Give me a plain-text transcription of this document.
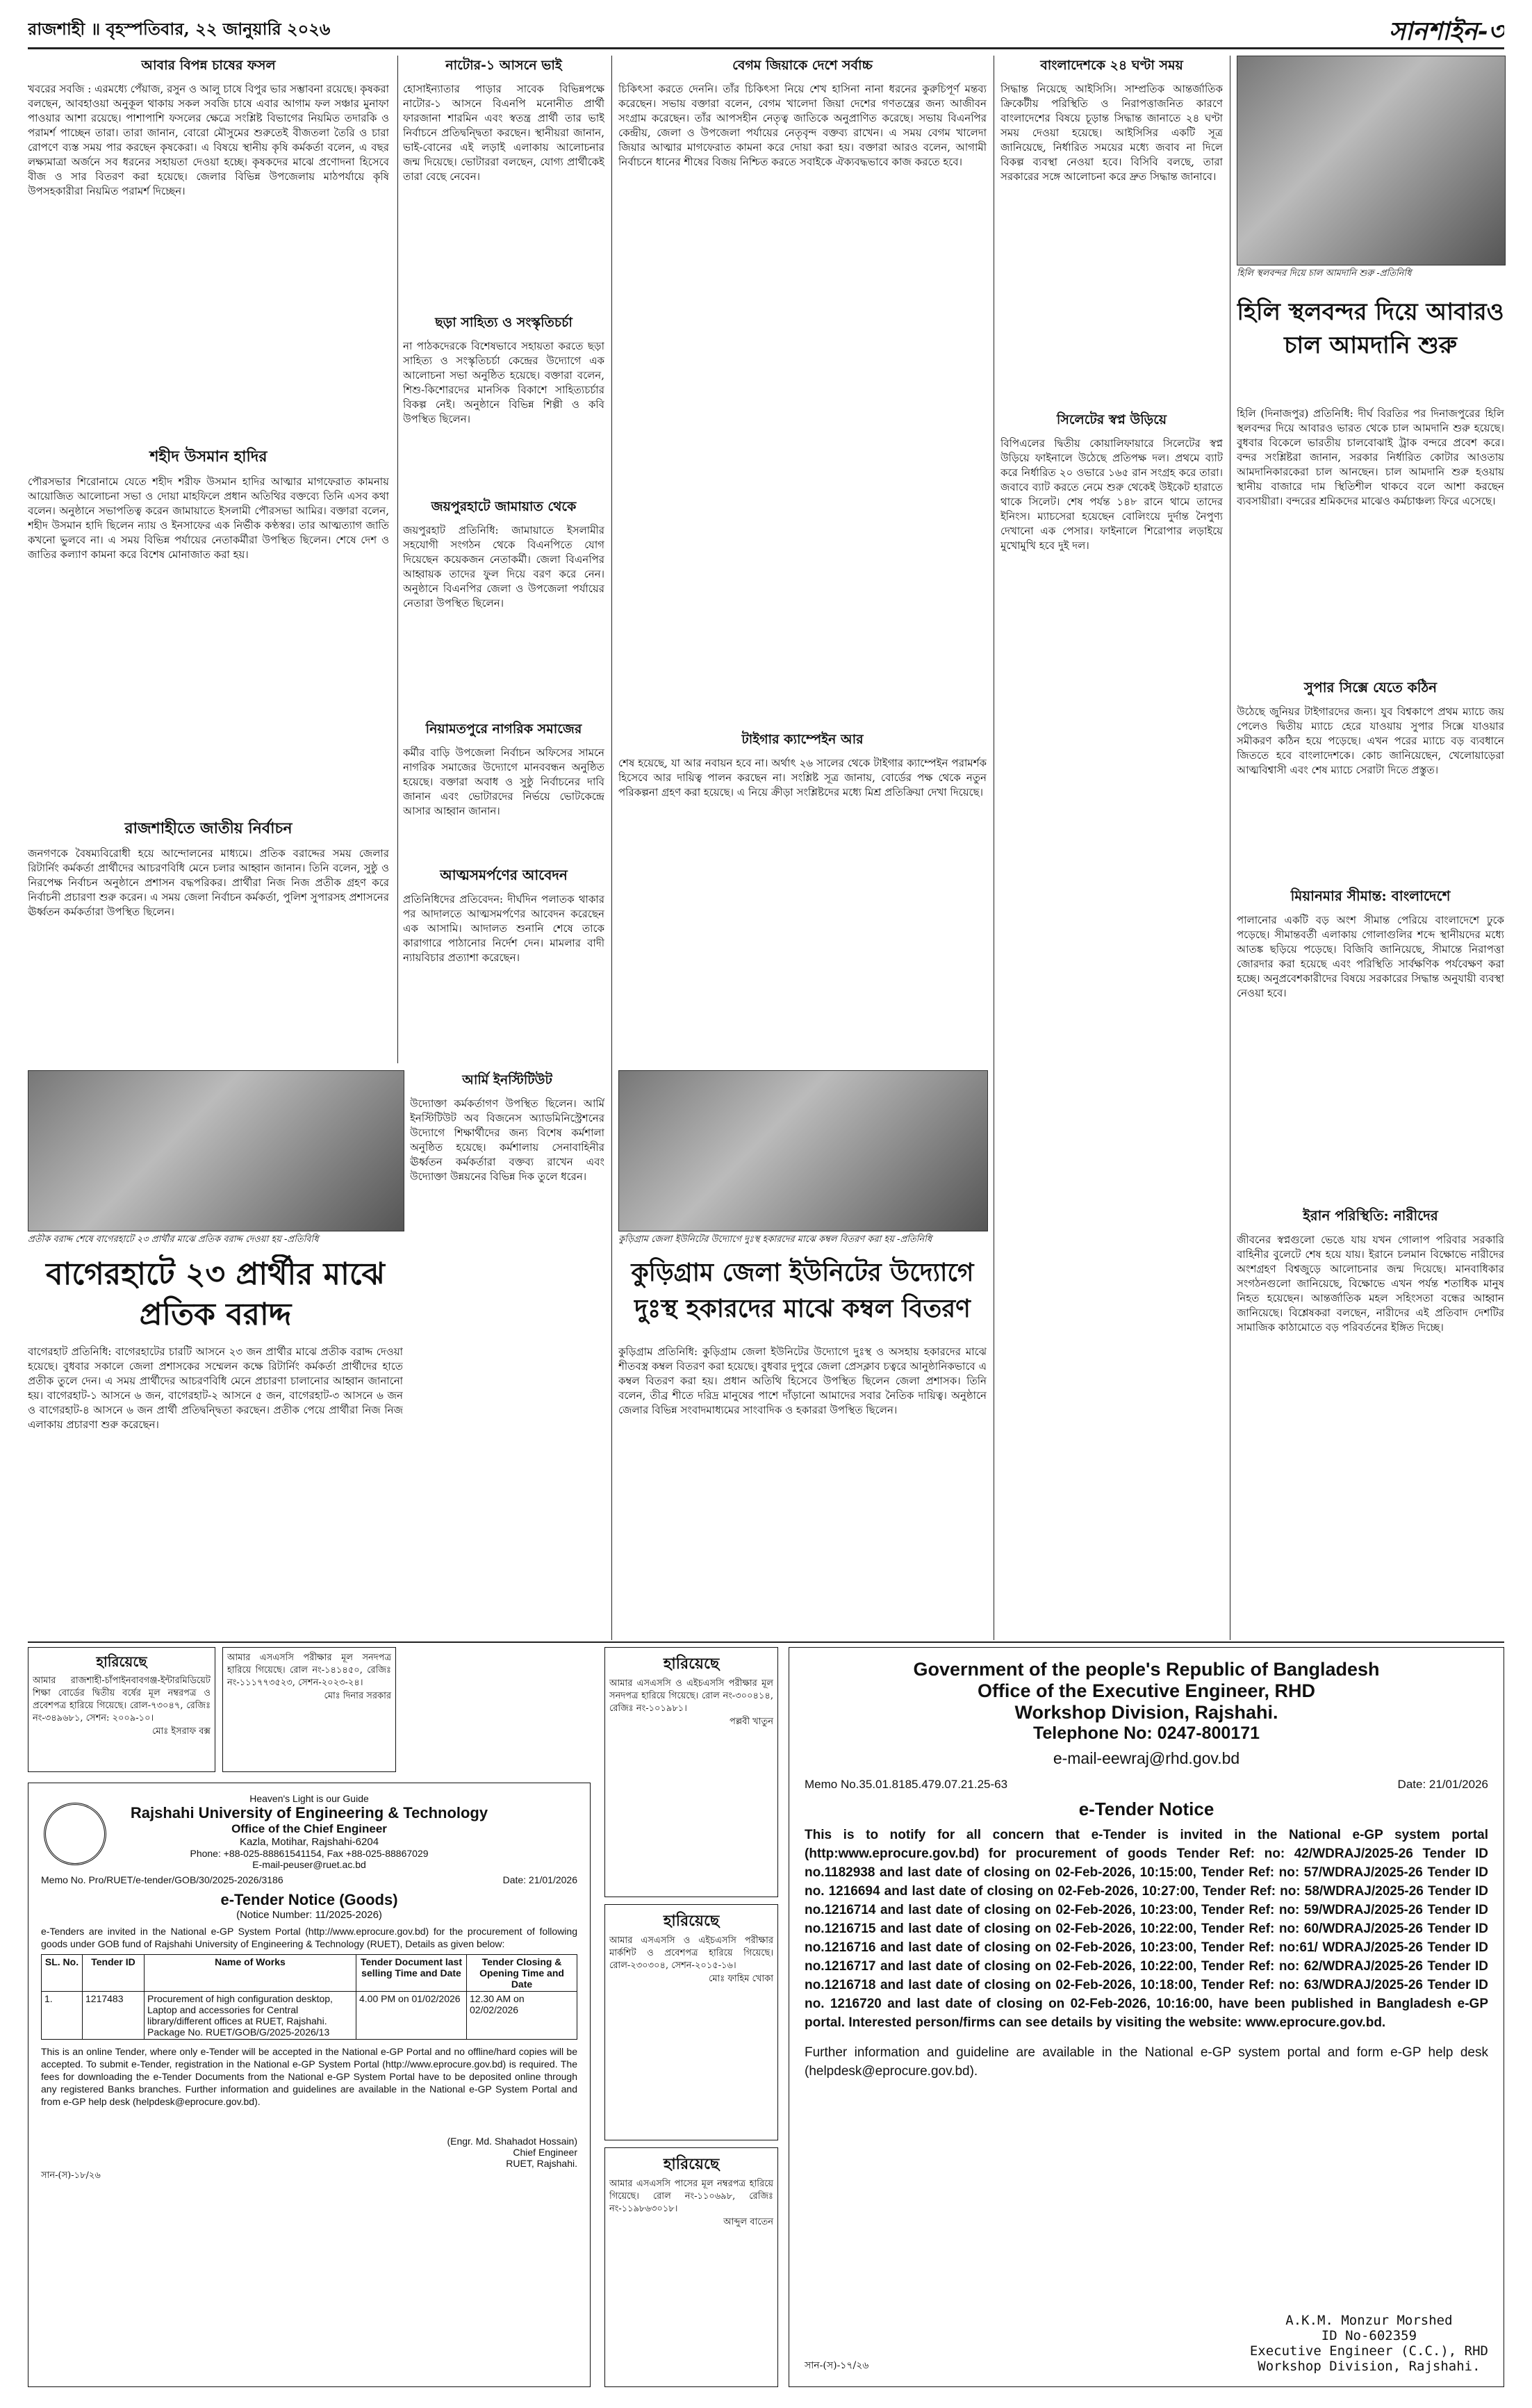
রাজশাহী ॥ বৃহস্পতিবার, ২২ জানুয়ারি ২০২৬	সানশাইন-৩
আবার বিপন্ন চাষের ফসল
খবরের সবজি : এরমধ্যে পেঁয়াজ, রসুন ও আলু চাষে বিপুর ভার সম্ভাবনা রয়েছে। কৃষকরা বলছেন, আবহাওয়া অনুকূল থাকায় সকল সবজি চাষে এবার আগাম ফল সঞ্চার মুনাফা পাওয়ার আশা রয়েছে। পাশাপাশি ফসলের ক্ষেত্রে সংশ্লিষ্ট বিভাগের নিয়মিত তদারকি ও পরামর্শ পাচ্ছেন তারা। তারা জানান, বোরো মৌসুমের শুরুতেই বীজতলা তৈরি ও চারা রোপণে ব্যস্ত সময় পার করছেন কৃষকেরা। এ বিষয়ে স্থানীয় কৃষি কর্মকর্তা বলেন, এ বছর লক্ষ্যমাত্রা অর্জনে সব ধরনের সহায়তা দেওয়া হচ্ছে। কৃষকদের মাঝে প্রণোদনা হিসেবে বীজ ও সার বিতরণ করা হয়েছে। জেলার বিভিন্ন উপজেলায় মাঠপর্যায়ে কৃষি উপসহকারীরা নিয়মিত পরামর্শ দিচ্ছেন।
শহীদ উসমান হাদির
পৌরসভার শিরোনামে যেতে শহীদ শরীফ উসমান হাদির আত্মার মাগফেরাত কামনায় আয়োজিত আলোচনা সভা ও দোয়া মাহফিলে প্রধান অতিথির বক্তব্যে তিনি এসব কথা বলেন। অনুষ্ঠানে সভাপতিত্ব করেন জামায়াতে ইসলামী পৌরসভা আমির। বক্তারা বলেন, শহীদ উসমান হাদি ছিলেন ন্যায় ও ইনসাফের এক নির্ভীক কণ্ঠস্বর। তার আত্মত্যাগ জাতি কখনো ভুলবে না। এ সময় বিভিন্ন পর্যায়ের নেতাকর্মীরা উপস্থিত ছিলেন। শেষে দেশ ও জাতির কল্যাণ কামনা করে বিশেষ মোনাজাত করা হয়।
রাজশাহীতে জাতীয় নির্বাচন
জনগণকে বৈষম্যবিরোধী হয়ে আন্দোলনের মাধ্যমে। প্রতিক বরাদ্দের সময় জেলার রিটার্নিং কর্মকর্তা প্রার্থীদের আচরণবিধি মেনে চলার আহ্বান জানান। তিনি বলেন, সুষ্ঠু ও নিরপেক্ষ নির্বাচন অনুষ্ঠানে প্রশাসন বদ্ধপরিকর। প্রার্থীরা নিজ নিজ প্রতীক গ্রহণ করে নির্বাচনী প্রচারণা শুরু করেন। এ সময় জেলা নির্বাচন কর্মকর্তা, পুলিশ সুপারসহ প্রশাসনের ঊর্ধ্বতন কর্মকর্তারা উপস্থিত ছিলেন।
নাটোর-১ আসনে ভাই
হোসাইন্যাতার পাড়ার সাবেক বিভিন্নপক্ষে নাটোর-১ আসনে বিএনপি মনোনীত প্রার্থী ফারজানা শারমিন এবং স্বতন্ত্র প্রার্থী তার ভাই নির্বাচনে প্রতিদ্বন্দ্বিতা করছেন। স্থানীয়রা জানান, ভাই-বোনের এই লড়াই এলাকায় আলোচনার জন্ম দিয়েছে। ভোটাররা বলছেন, যোগ্য প্রার্থীকেই তারা বেছে নেবেন।
ছড়া সাহিত্য ও সংস্কৃতিচর্চা
না পাঠকদেরকে বিশেষভাবে সহায়তা করতে ছড়া সাহিত্য ও সংস্কৃতিচর্চা কেন্দ্রের উদ্যোগে এক আলোচনা সভা অনুষ্ঠিত হয়েছে। বক্তারা বলেন, শিশু-কিশোরদের মানসিক বিকাশে সাহিত্যচর্চার বিকল্প নেই। অনুষ্ঠানে বিভিন্ন শিল্পী ও কবি উপস্থিত ছিলেন।
জয়পুরহাটে জামায়াত থেকে
জয়পুরহাট প্রতিনিধি: জামায়াতে ইসলামীর সহযোগী সংগঠন থেকে বিএনপিতে যোগ দিয়েছেন কয়েকজন নেতাকর্মী। জেলা বিএনপির আহ্বায়ক তাদের ফুল দিয়ে বরণ করে নেন। অনুষ্ঠানে বিএনপির জেলা ও উপজেলা পর্যায়ের নেতারা উপস্থিত ছিলেন।
নিয়ামতপুরে নাগরিক সমাজের
কর্মীর বাড়ি উপজেলা নির্বাচন অফিসের সামনে নাগরিক সমাজের উদ্যোগে মানববন্ধন অনুষ্ঠিত হয়েছে। বক্তারা অবাধ ও সুষ্ঠু নির্বাচনের দাবি জানান এবং ভোটারদের নির্ভয়ে ভোটকেন্দ্রে আসার আহ্বান জানান।
আত্মসমর্পণের আবেদন
প্রতিনিধিদের প্রতিবেদন: দীর্ঘদিন পলাতক থাকার পর আদালতে আত্মসমর্পণের আবেদন করেছেন এক আসামি। আদালত শুনানি শেষে তাকে কারাগারে পাঠানোর নির্দেশ দেন। মামলার বাদী ন্যায়বিচার প্রত্যাশা করেছেন।
প্রতীক বরাদ্দ শেষে বাগেরহাটে ২৩ প্রার্থীর মাঝে প্রতিক বরাদ্দ দেওয়া হয় -প্রতিবিধি
বাগেরহাটে ২৩ প্রার্থীর মাঝে প্রতিক বরাদ্দ
বাগেরহাট প্রতিনিধি: বাগেরহাটের চারটি আসনে ২৩ জন প্রার্থীর মাঝে প্রতীক বরাদ্দ দেওয়া হয়েছে। বুধবার সকালে জেলা প্রশাসকের সম্মেলন কক্ষে রিটার্নিং কর্মকর্তা প্রার্থীদের হাতে প্রতীক তুলে দেন। এ সময় প্রার্থীদের আচরণবিধি মেনে প্রচারণা চালানোর আহ্বান জানানো হয়। বাগেরহাট-১ আসনে ৬ জন, বাগেরহাট-২ আসনে ৫ জন, বাগেরহাট-৩ আসনে ৬ জন ও বাগেরহাট-৪ আসনে ৬ জন প্রার্থী প্রতিদ্বন্দ্বিতা করছেন। প্রতীক পেয়ে প্রার্থীরা নিজ নিজ এলাকায় প্রচারণা শুরু করেছেন।
আর্মি ইনস্টিটিউট
উদ্যোক্তা কর্মকর্তাগণ উপস্থিত ছিলেন। আর্মি ইনস্টিটিউট অব বিজনেস অ্যাডমিনিস্ট্রেশনের উদ্যোগে শিক্ষার্থীদের জন্য বিশেষ কর্মশালা অনুষ্ঠিত হয়েছে। কর্মশালায় সেনাবাহিনীর ঊর্ধ্বতন কর্মকর্তারা বক্তব্য রাখেন এবং উদ্যোক্তা উন্নয়নের বিভিন্ন দিক তুলে ধরেন।
বেগম জিয়াকে দেশে সর্বাচ্চ
চিকিৎসা করতে দেননি। তাঁর চিকিৎসা নিয়ে শেখ হাসিনা নানা ধরনের কুরুচিপূর্ণ মন্তব্য করেছেন। সভায় বক্তারা বলেন, বেগম খালেদা জিয়া দেশের গণতন্ত্রের জন্য আজীবন সংগ্রাম করেছেন। তাঁর আপসহীন নেতৃত্ব জাতিকে অনুপ্রাণিত করেছে। সভায় বিএনপির কেন্দ্রীয়, জেলা ও উপজেলা পর্যায়ের নেতৃবৃন্দ বক্তব্য রাখেন। এ সময় বেগম খালেদা জিয়ার আত্মার মাগফেরাত কামনা করে দোয়া করা হয়। বক্তারা আরও বলেন, আগামী নির্বাচনে ধানের শীষের বিজয় নিশ্চিত করতে সবাইকে ঐক্যবদ্ধভাবে কাজ করতে হবে।
টাইগার ক্যাম্পেইন আর
শেষ হয়েছে, যা আর নবায়ন হবে না। অর্থাৎ ২৬ সালের থেকে টাইগার ক্যাম্পেইন পরামর্শক হিসেবে আর দায়িত্ব পালন করছেন না। সংশ্লিষ্ট সূত্র জানায়, বোর্ডের পক্ষ থেকে নতুন পরিকল্পনা গ্রহণ করা হয়েছে। এ নিয়ে ক্রীড়া সংশ্লিষ্টদের মধ্যে মিশ্র প্রতিক্রিয়া দেখা দিয়েছে।
কুড়িগ্রাম জেলা ইউনিটের উদ্যোগে দুঃস্থ হকারদের মাঝে কম্বল বিতরণ করা হয় -প্রতিনিধি
কুড়িগ্রাম জেলা ইউনিটের উদ্যোগে দুঃস্থ হকারদের মাঝে কম্বল বিতরণ
কুড়িগ্রাম প্রতিনিধি: কুড়িগ্রাম জেলা ইউনিটের উদ্যোগে দুঃস্থ ও অসহায় হকারদের মাঝে শীতবস্ত্র কম্বল বিতরণ করা হয়েছে। বুধবার দুপুরে জেলা প্রেসক্লাব চত্বরে আনুষ্ঠানিকভাবে এ কম্বল বিতরণ করা হয়। প্রধান অতিথি হিসেবে উপস্থিত ছিলেন জেলা প্রশাসক। তিনি বলেন, তীব্র শীতে দরিদ্র মানুষের পাশে দাঁড়ানো আমাদের সবার নৈতিক দায়িত্ব। অনুষ্ঠানে জেলার বিভিন্ন সংবাদমাধ্যমের সাংবাদিক ও হকাররা উপস্থিত ছিলেন।
বাংলাদেশকে ২৪ ঘণ্টা সময়
সিদ্ধান্ত নিয়েছে আইসিসি। সাম্প্রতিক আন্তর্জাতিক ক্রিকেটীয় পরিস্থিতি ও নিরাপত্তাজনিত কারণে বাংলাদেশের বিষয়ে চূড়ান্ত সিদ্ধান্ত জানাতে ২৪ ঘণ্টা সময় দেওয়া হয়েছে। আইসিসির একটি সূত্র জানিয়েছে, নির্ধারিত সময়ের মধ্যে জবাব না দিলে বিকল্প ব্যবস্থা নেওয়া হবে। বিসিবি বলছে, তারা সরকারের সঙ্গে আলোচনা করে দ্রুত সিদ্ধান্ত জানাবে।
সিলেটের স্বপ্ন উড়িয়ে
বিপিএলের দ্বিতীয় কোয়ালিফায়ারে সিলেটের স্বপ্ন উড়িয়ে ফাইনালে উঠেছে প্রতিপক্ষ দল। প্রথমে ব্যাট করে নির্ধারিত ২০ ওভারে ১৬৫ রান সংগ্রহ করে তারা। জবাবে ব্যাট করতে নেমে শুরু থেকেই উইকেট হারাতে থাকে সিলেট। শেষ পর্যন্ত ১৪৮ রানে থামে তাদের ইনিংস। ম্যাচসেরা হয়েছেন বোলিংয়ে দুর্দান্ত নৈপুণ্য দেখানো এক পেসার। ফাইনালে শিরোপার লড়াইয়ে মুখোমুখি হবে দুই দল।
হিলি স্থলবন্দর দিয়ে চাল আমদানি শুরু -প্রতিনিধি
হিলি স্থলবন্দর দিয়ে আবারও চাল আমদানি শুরু
হিলি (দিনাজপুর) প্রতিনিধি: দীর্ঘ বিরতির পর দিনাজপুরের হিলি স্থলবন্দর দিয়ে আবারও ভারত থেকে চাল আমদানি শুরু হয়েছে। বুধবার বিকেলে ভারতীয় চালবোঝাই ট্রাক বন্দরে প্রবেশ করে। বন্দর সংশ্লিষ্টরা জানান, সরকার নির্ধারিত কোটার আওতায় আমদানিকারকেরা চাল আনছেন। চাল আমদানি শুরু হওয়ায় স্থানীয় বাজারে দাম স্থিতিশীল থাকবে বলে আশা করছেন ব্যবসায়ীরা। বন্দরের শ্রমিকদের মাঝেও কর্মচাঞ্চল্য ফিরে এসেছে।
সুপার সিক্সে যেতে কঠিন
উঠেছে জুনিয়র টাইগারদের জন্য। যুব বিশ্বকাপে প্রথম ম্যাচে জয় পেলেও দ্বিতীয় ম্যাচে হেরে যাওয়ায় সুপার সিক্সে যাওয়ার সমীকরণ কঠিন হয়ে পড়েছে। এখন পরের ম্যাচে বড় ব্যবধানে জিততে হবে বাংলাদেশকে। কোচ জানিয়েছেন, খেলোয়াড়েরা আত্মবিশ্বাসী এবং শেষ ম্যাচে সেরাটা দিতে প্রস্তুত।
মিয়ানমার সীমান্ত: বাংলাদেশে
পালানোর একটি বড় অংশ সীমান্ত পেরিয়ে বাংলাদেশে ঢুকে পড়েছে। সীমান্তবর্তী এলাকায় গোলাগুলির শব্দে স্থানীয়দের মধ্যে আতঙ্ক ছড়িয়ে পড়েছে। বিজিবি জানিয়েছে, সীমান্তে নিরাপত্তা জোরদার করা হয়েছে এবং পরিস্থিতি সার্বক্ষণিক পর্যবেক্ষণ করা হচ্ছে। অনুপ্রবেশকারীদের বিষয়ে সরকারের সিদ্ধান্ত অনুযায়ী ব্যবস্থা নেওয়া হবে।
ইরান পরিস্থিতি: নারীদের
জীবনের স্বপ্নগুলো ভেঙে যায় যখন গোলাপ পরিবার সরকারি বাহিনীর বুলেটে শেষ হয়ে যায়। ইরানে চলমান বিক্ষোভে নারীদের অংশগ্রহণ বিশ্বজুড়ে আলোচনার জন্ম দিয়েছে। মানবাধিকার সংগঠনগুলো জানিয়েছে, বিক্ষোভে এখন পর্যন্ত শতাধিক মানুষ নিহত হয়েছেন। আন্তর্জাতিক মহল সহিংসতা বন্ধের আহ্বান জানিয়েছে। বিশ্লেষকরা বলছেন, নারীদের এই প্রতিবাদ দেশটির সামাজিক কাঠামোতে বড় পরিবর্তনের ইঙ্গিত দিচ্ছে।
হারিয়েছে
আমার রাজশাহী-চাঁপাইনবাবগঞ্জ-ইন্টারমিডিয়েট শিক্ষা বোর্ডের দ্বিতীয় বর্ষের মূল নম্বরপত্র ও প্রবেশপত্র হারিয়ে গিয়েছে। রোল-৭৩০৪৭, রেজিঃ নং-৩৪৯৬৮১, সেশন: ২০০৯-১০।
মোঃ ইসরাফ বক্স
আমার এসএসসি পরীক্ষার মূল সনদপত্র হারিয়ে গিয়েছে। রোল নং-১৪১৪৫০, রেজিঃ নং-১১১৭৭৩৫২৩, সেশন-২০২৩-২৪।
মোঃ দিনার সরকার
Heaven's Light is our Guide
Rajshahi University of Engineering & Technology
Office of the Chief Engineer
Kazla, Motihar, Rajshahi-6204
Phone: +88-025-88861541154, Fax +88-025-88867029
E-mail-peuser@ruet.ac.bd
Memo No. Pro/RUET/e-tender/GOB/30/2025-2026/3186	Date: 21/01/2026
e-Tender Notice (Goods)
(Notice Number: 11/2025-2026)
e-Tenders are invited in the National e-GP System Portal (http://www.eprocure.gov.bd) for the procurement of following goods under GOB fund of Rajshahi University of Engineering & Technology (RUET), Details as given below:
SL. No.	Tender ID	Name of Works	Tender Document last selling Time and Date	Tender Closing & Opening Time and Date
1.	1217483	Procurement of high configuration desktop, Laptop and accessories for Central library/different offices at RUET, Rajshahi. Package No. RUET/GOB/G/2025-2026/13	4.00 PM on 01/02/2026	12.30 AM on 02/02/2026
This is an online Tender, where only e-Tender will be accepted in the National e-GP Portal and no offline/hard copies will be accepted. To submit e-Tender, registration in the National e-GP System Portal (http://www.eprocure.gov.bd) is required. The fees for downloading the e-Tender Documents from the National e-GP System Portal have to be deposited online through any registered Banks branches. Further information and guidelines are available in the National e-GP System Portal and from e-GP help desk (helpdesk@eprocure.gov.bd).
(Engr. Md. Shahadot Hossain)
Chief Engineer
RUET, Rajshahi.
সান-(স)-১৮/২৬
হারিয়েছে
আমার এসএসসি ও এইচএসসি পরীক্ষার মূল সনদপত্র হারিয়ে গিয়েছে। রোল নং-৩০০৪১৪, রেজিঃ নং-১০১৯৮১।
পল্লবী খাতুন
হারিয়েছে
আমার এসএসসি ও এইচএসসি পরীক্ষার মার্কশিট ও প্রবেশপত্র হারিয়ে গিয়েছে। রোল-২৩০৩০৪, সেশন-২০১৫-১৬।
মোঃ ফাহিম খোকা
হারিয়েছে
আমার এসএসসি পাসের মূল নম্বরপত্র হারিয়ে গিয়েছে। রোল নং-১১০৬৯৮, রেজিঃ নং-১১৯৮৬৩০১৮।
আব্দুল বাতেন
Government of the people's Republic of Bangladesh
Office of the Executive Engineer, RHD
Workshop Division, Rajshahi.
Telephone No: 0247-800171
e-mail-eewraj@rhd.gov.bd
Memo No.35.01.8185.479.07.21.25-63	Date: 21/01/2026
e-Tender Notice
This is to notify for all concern that e-Tender is invited in the National e-GP system portal (http:www.eprocure.gov.bd) for procurement of goods Tender Ref: no: 42/WDRAJ/2025-26 Tender ID no.1182938 and last date of closing on 02-Feb-2026, 10:15:00, Tender Ref: no: 57/WDRAJ/2025-26 Tender ID no. 1216694 and last date of closing on 02-Feb-2026, 10:27:00, Tender Ref: no: 58/WDRAJ/2025-26 Tender ID no.1216714 and last date of closing on 02-Feb-2026, 10:23:00, Tender Ref: no: 59/WDRAJ/2025-26 Tender ID no.1216715 and last date of closing on 02-Feb-2026, 10:22:00, Tender Ref: no: 60/WDRAJ/2025-26 Tender ID no.1216716 and last date of closing on 02-Feb-2026, 10:23:00, Tender Ref: no:61/ WDRAJ/2025-26 Tender ID no.1216717 and last date of closing on 02-Feb-2026, 10:22:00, Tender Ref: no: 62/WDRAJ/2025-26 Tender ID no.1216718 and last date of closing on 02-Feb-2026, 10:18:00, Tender Ref: no: 63/WDRAJ/2025-26 Tender ID no. 1216720 and last date of closing on 02-Feb-2026, 10:16:00, have been published in Bangladesh e-GP portal. Interested person/firms can see details by visiting the website: www.eprocure.gov.bd.
Further information and guideline are available in the National e-GP system portal and form e-GP help desk (helpdesk@eprocure.gov.bd).
A.K.M. Monzur Morshed
ID No-602359
Executive Engineer (C.C.), RHD
Workshop Division, Rajshahi.
সান-(স)-১৭/২৬
